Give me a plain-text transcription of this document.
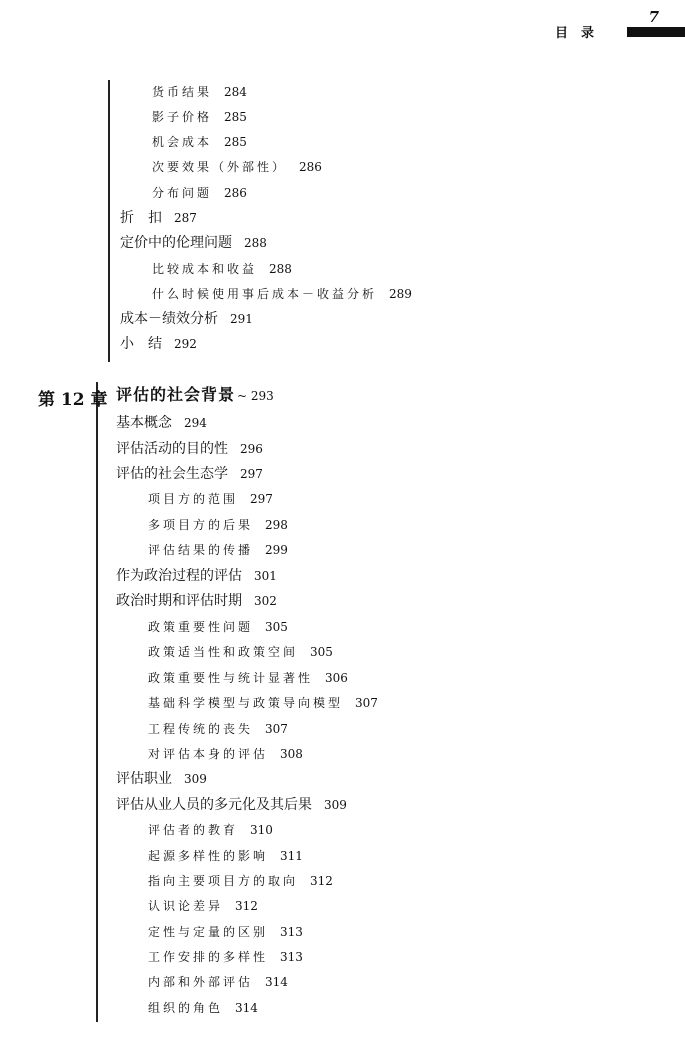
目　录
7
第 12 章
货币结果 284
影子价格 285
机会成本 285
次要效果（外部性） 286
分布问题 286
折　扣 287
定价中的伦理问题 288
比较成本和收益 288
什么时候使用事后成本－收益分析 289
成本－绩效分析 291
小　结 292
评估的社会背景 ~ 293
基本概念 294
评估活动的目的性 296
评估的社会生态学 297
项目方的范围 297
多项目方的后果 298
评估结果的传播 299
作为政治过程的评估 301
政治时期和评估时期 302
政策重要性问题 305
政策适当性和政策空间 305
政策重要性与统计显著性 306
基础科学模型与政策导向模型 307
工程传统的丧失 307
对评估本身的评估 308
评估职业 309
评估从业人员的多元化及其后果 309
评估者的教育 310
起源多样性的影响 311
指向主要项目方的取向 312
认识论差异 312
定性与定量的区别 313
工作安排的多样性 313
内部和外部评估 314
组织的角色 314
